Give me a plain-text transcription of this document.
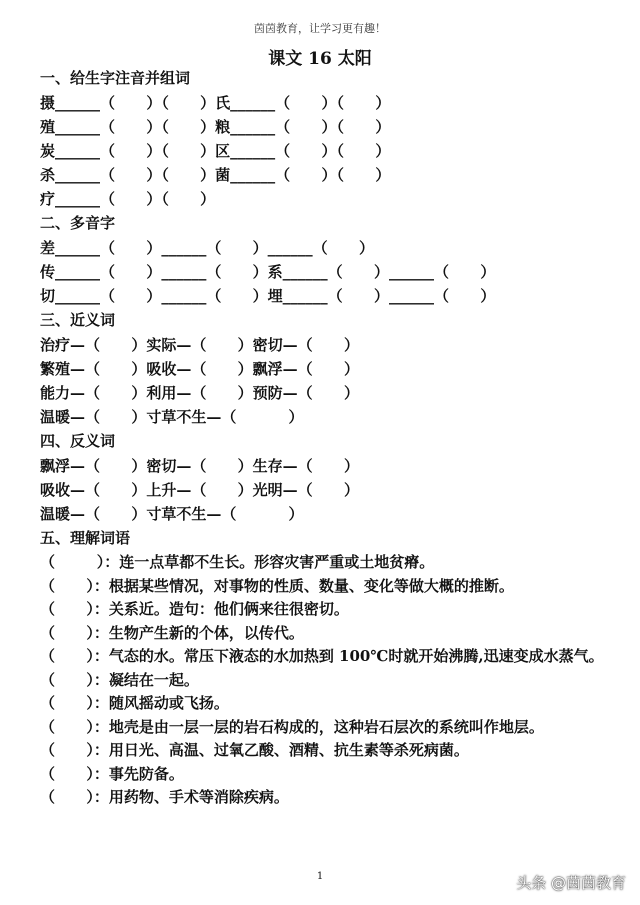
茵茵教育，让学习更有趣！
课文 16 太阳
一、给生字注音并组词
摄______（      ）（      ）氏______（      ）（      ）
殖______（      ）（      ）粮______（      ）（      ）
炭______（      ）（      ）区______（      ）（      ）
杀______（      ）（      ）菌______（      ）（      ）
疗______（      ）（      ）
二、多音字
差______（      ）______（      ）______（      ）
传______（      ）______（      ）系______（      ）______（      ）
切______（      ）______（      ）埋______（      ）______（      ）
三、近义词
治疗—（      ）实际—（      ）密切—（      ）
繁殖—（      ）吸收—（      ）飘浮—（      ）
能力—（      ）利用—（      ）预防—（      ）
温暖—（      ）寸草不生—（          ）
四、反义词
飘浮—（      ）密切—（      ）生存—（      ）
吸收—（      ）上升—（      ）光明—（      ）
温暖—（      ）寸草不生—（          ）
五、理解词语
（        ）：连一点草都不生长。形容灾害严重或土地贫瘠。
（      ）：根据某些情况，对事物的性质、数量、变化等做大概的推断。
（      ）：关系近。造句：他们俩来往很密切。
（      ）：生物产生新的个体，以传代。
（      ）：气态的水。常压下液态的水加热到 100℃时就开始沸腾,迅速变成水蒸气。
（      ）：凝结在一起。
（      ）：随风摇动或飞扬。
（      ）：地壳是由一层一层的岩石构成的，这种岩石层次的系统叫作地层。
（      ）：用日光、高温、过氧乙酸、酒精、抗生素等杀死病菌。
（      ）：事先防备。
（      ）：用药物、手术等消除疾病。
1	头条 @茵茵教育
